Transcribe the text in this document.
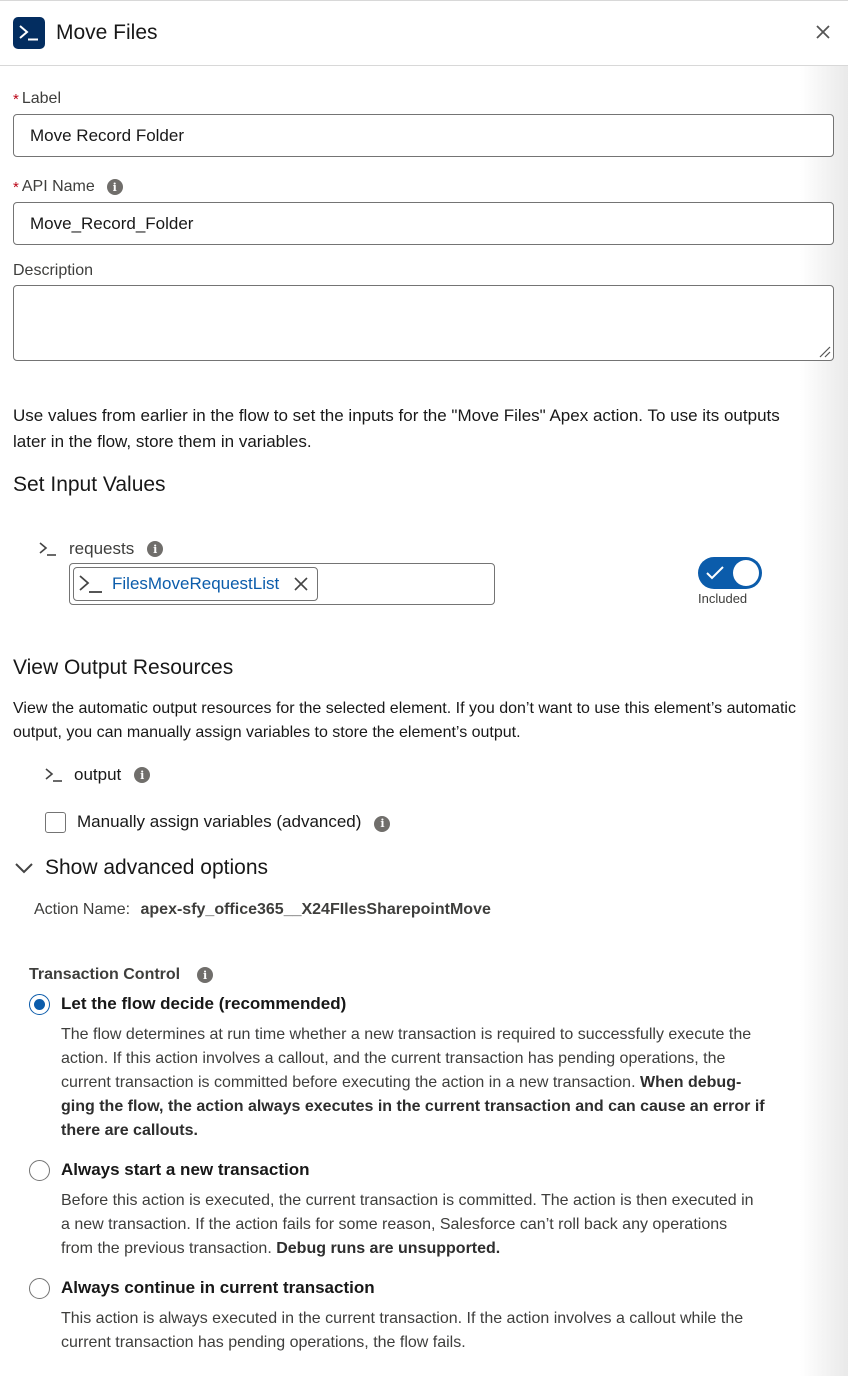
Move Files
* Label
Move Record Folder
* API Name	i
Move_Record_Folder
Description
Use values from earlier in the flow to set the inputs for the "Move Files" Apex action. To use its outputs later in the flow, store them in variables.
Set Input Values
requests	i
FilesMoveRequestList
Included
View Output Resources
View the automatic output resources for the selected element. If you don’t want to use this element’s automatic output, you can manually assign variables to store the element’s output.
output	i
Manually assign variables (advanced)	i
Show advanced options
Action Name: apex-sfy_office365__X24FIlesSharepointMove
Transaction Control	i
Let the flow decide (recommended)
The flow determines at run time whether a new transaction is required to successfully execute the
action. If this action involves a callout, and the current transaction has pending operations, the
current transaction is committed before executing the action in a new transaction. When debug-
ging the flow, the action always executes in the current transaction and can cause an error if
there are callouts.
Always start a new transaction
Before this action is executed, the current transaction is committed. The action is then executed in
a new transaction. If the action fails for some reason, Salesforce can’t roll back any operations
from the previous transaction. Debug runs are unsupported.
Always continue in current transaction
This action is always executed in the current transaction. If the action involves a callout while the
current transaction has pending operations, the flow fails.
